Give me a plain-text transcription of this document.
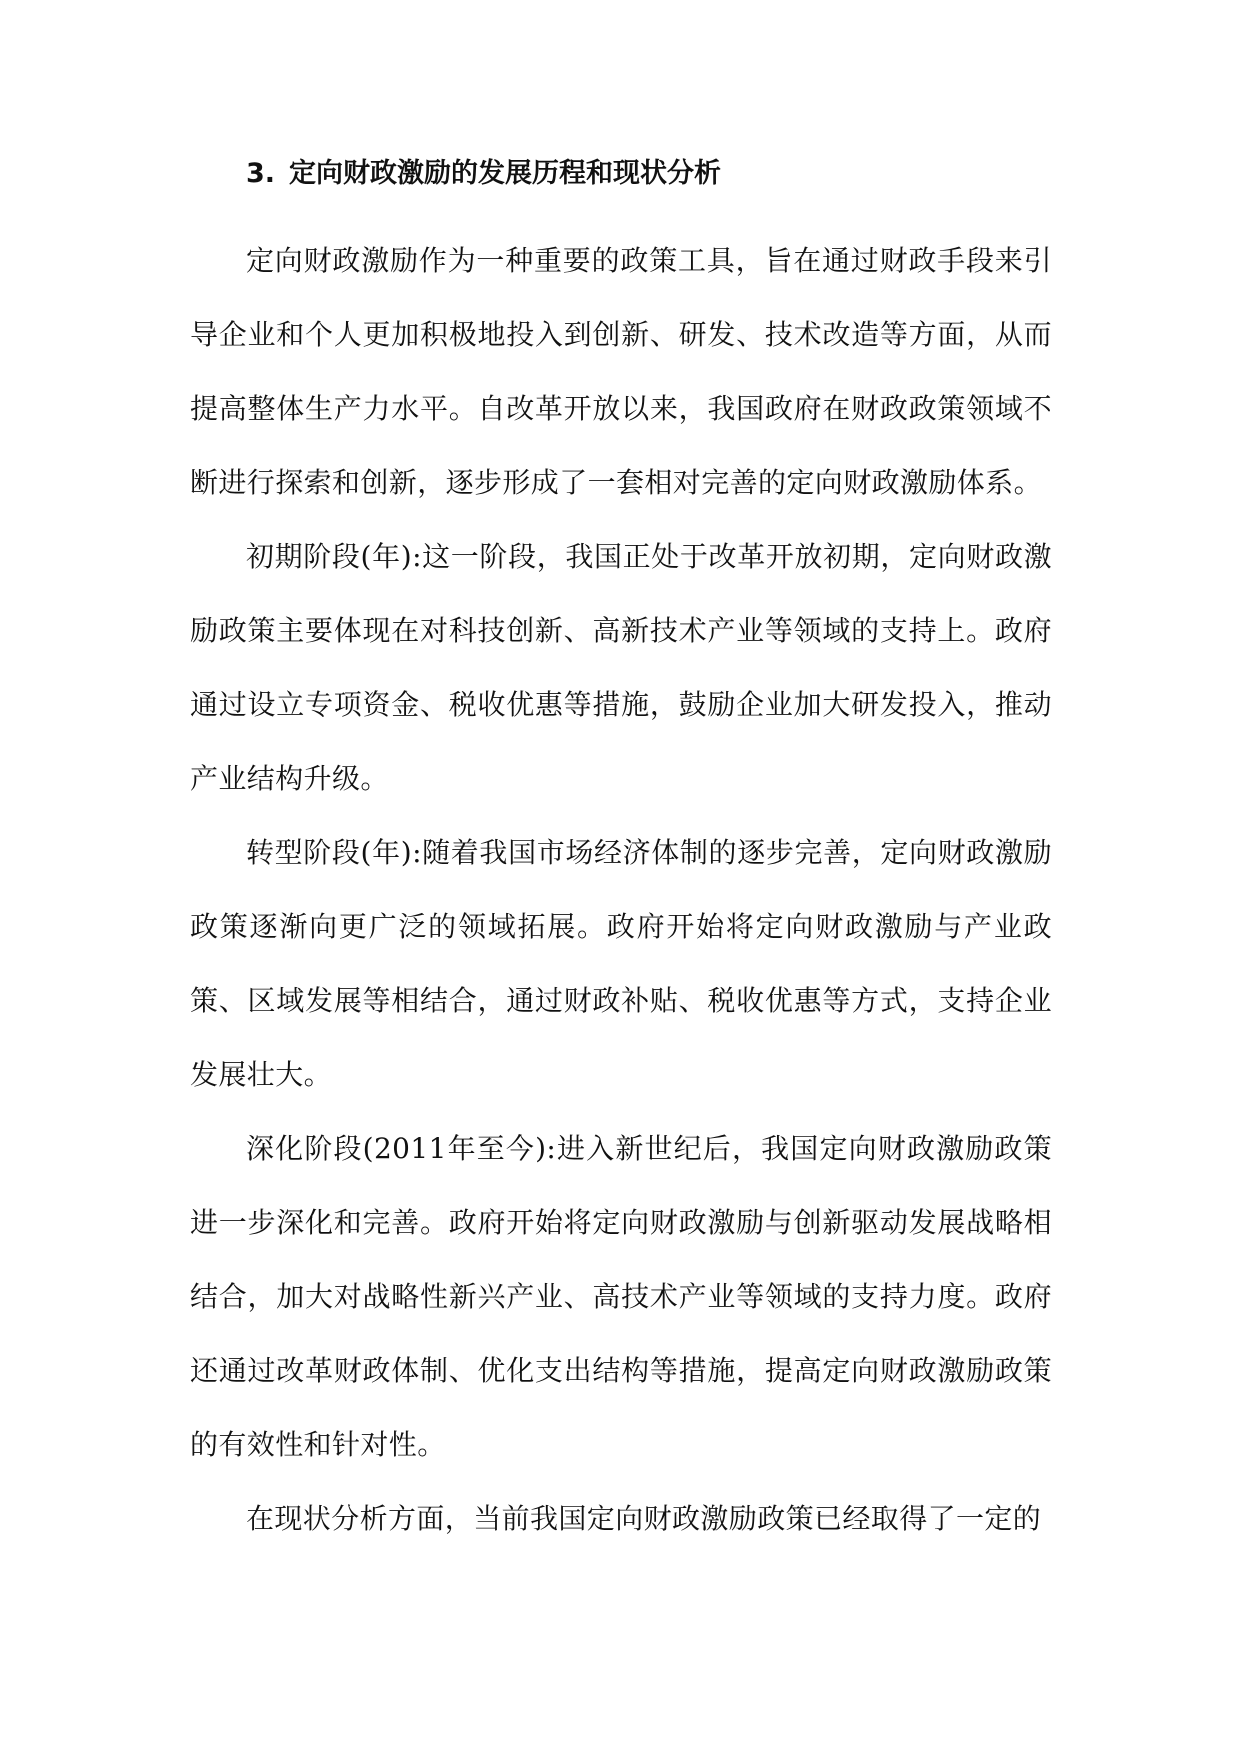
3. 定向财政激励的发展历程和现状分析

定向财政激励作为一种重要的政策工具，旨在通过财政手段来引导企业和个人更加积极地投入到创新、研发、技术改造等方面，从而提高整体生产力水平。自改革开放以来，我国政府在财政政策领域不断进行探索和创新，逐步形成了一套相对完善的定向财政激励体系。

初期阶段(年):这一阶段，我国正处于改革开放初期，定向财政激励政策主要体现在对科技创新、高新技术产业等领域的支持上。政府通过设立专项资金、税收优惠等措施，鼓励企业加大研发投入，推动产业结构升级。

转型阶段(年):随着我国市场经济体制的逐步完善，定向财政激励政策逐渐向更广泛的领域拓展。政府开始将定向财政激励与产业政策、区域发展等相结合，通过财政补贴、税收优惠等方式，支持企业发展壮大。

深化阶段(2011年至今):进入新世纪后，我国定向财政激励政策进一步深化和完善。政府开始将定向财政激励与创新驱动发展战略相结合，加大对战略性新兴产业、高技术产业等领域的支持力度。政府还通过改革财政体制、优化支出结构等措施，提高定向财政激励政策的有效性和针对性。

在现状分析方面，当前我国定向财政激励政策已经取得了一定的
